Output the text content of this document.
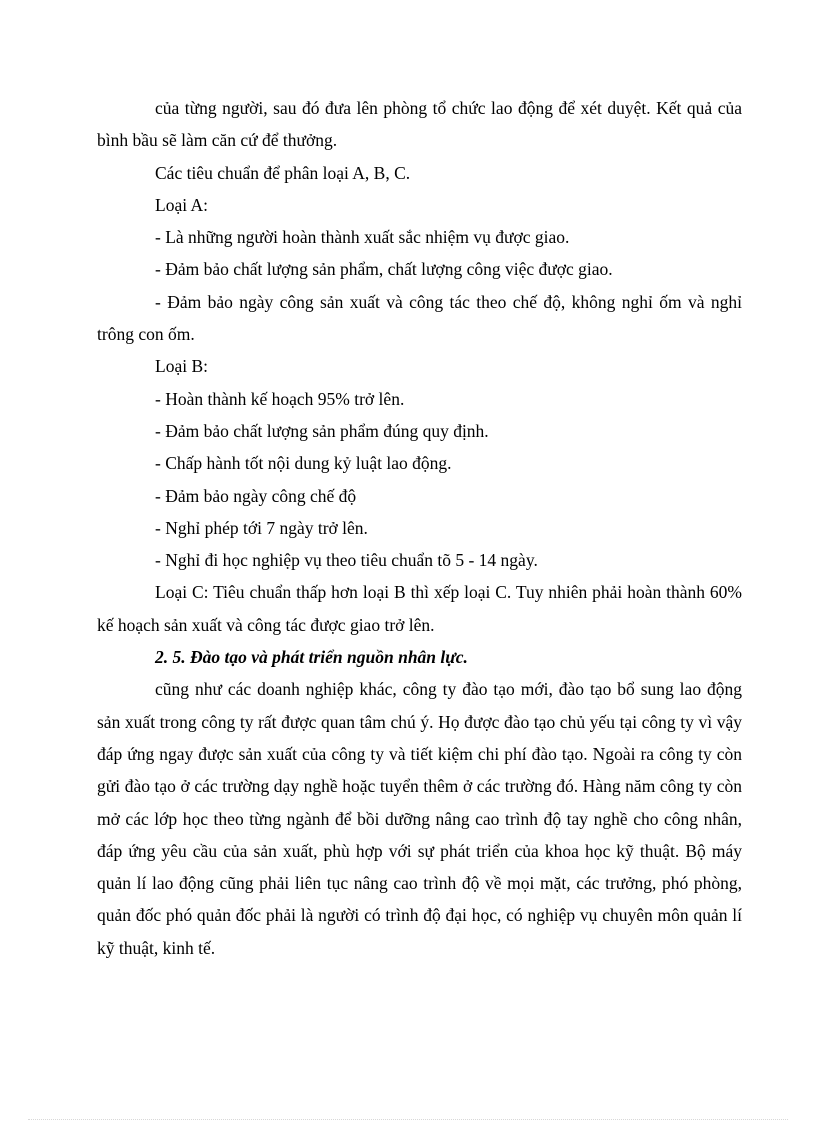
của từng người, sau đó đưa lên phòng tổ chức lao động để xét duyệt. Kết quả của bình bầu sẽ làm căn cứ để thưởng.

Các tiêu chuẩn để phân loại A, B, C.

Loại A:

- Là những người hoàn thành xuất sắc nhiệm vụ được giao.

- Đảm bảo chất lượng sản phẩm, chất lượng công việc được giao.

- Đảm bảo ngày công sản xuất và công tác theo chế độ, không nghỉ ốm và nghỉ trông con ốm.

Loại B:

- Hoàn thành kế hoạch 95% trở lên.

- Đảm bảo chất lượng sản phẩm đúng quy định.

- Chấp hành tốt nội dung kỷ luật lao động.

- Đảm bảo ngày công chế độ

- Nghỉ phép tới 7 ngày trở lên.

- Nghỉ đi học nghiệp vụ theo tiêu chuẩn tõ 5 - 14 ngày.

Loại C: Tiêu chuẩn thấp hơn loại B thì xếp loại C. Tuy nhiên phải hoàn thành 60% kế hoạch sản xuất và công tác được giao trở lên.

2. 5. Đào tạo và phát triển nguồn nhân lực.

cũng như các doanh nghiệp khác, công ty đào tạo mới, đào tạo bổ sung lao động sản xuất trong công ty rất được quan tâm chú ý. Họ được đào tạo chủ yếu tại công ty vì vậy đáp ứng ngay được sản xuất của công ty và tiết kiệm chi phí đào tạo. Ngoài ra công ty còn gửi đào tạo ở các trường dạy nghề hoặc tuyển thêm ở các trường đó. Hàng năm công ty còn mở các lớp học theo từng ngành để bồi dưỡng nâng cao trình độ tay nghề cho công nhân, đáp ứng yêu cầu của sản xuất, phù hợp với sự phát triển của khoa học kỹ thuật. Bộ máy quản lí lao động cũng phải liên tục nâng cao trình độ về mọi mặt, các trưởng, phó phòng, quản đốc phó quản đốc phải là người có trình độ đại học, có nghiệp vụ chuyên môn quản lí kỹ thuật, kinh tế.
